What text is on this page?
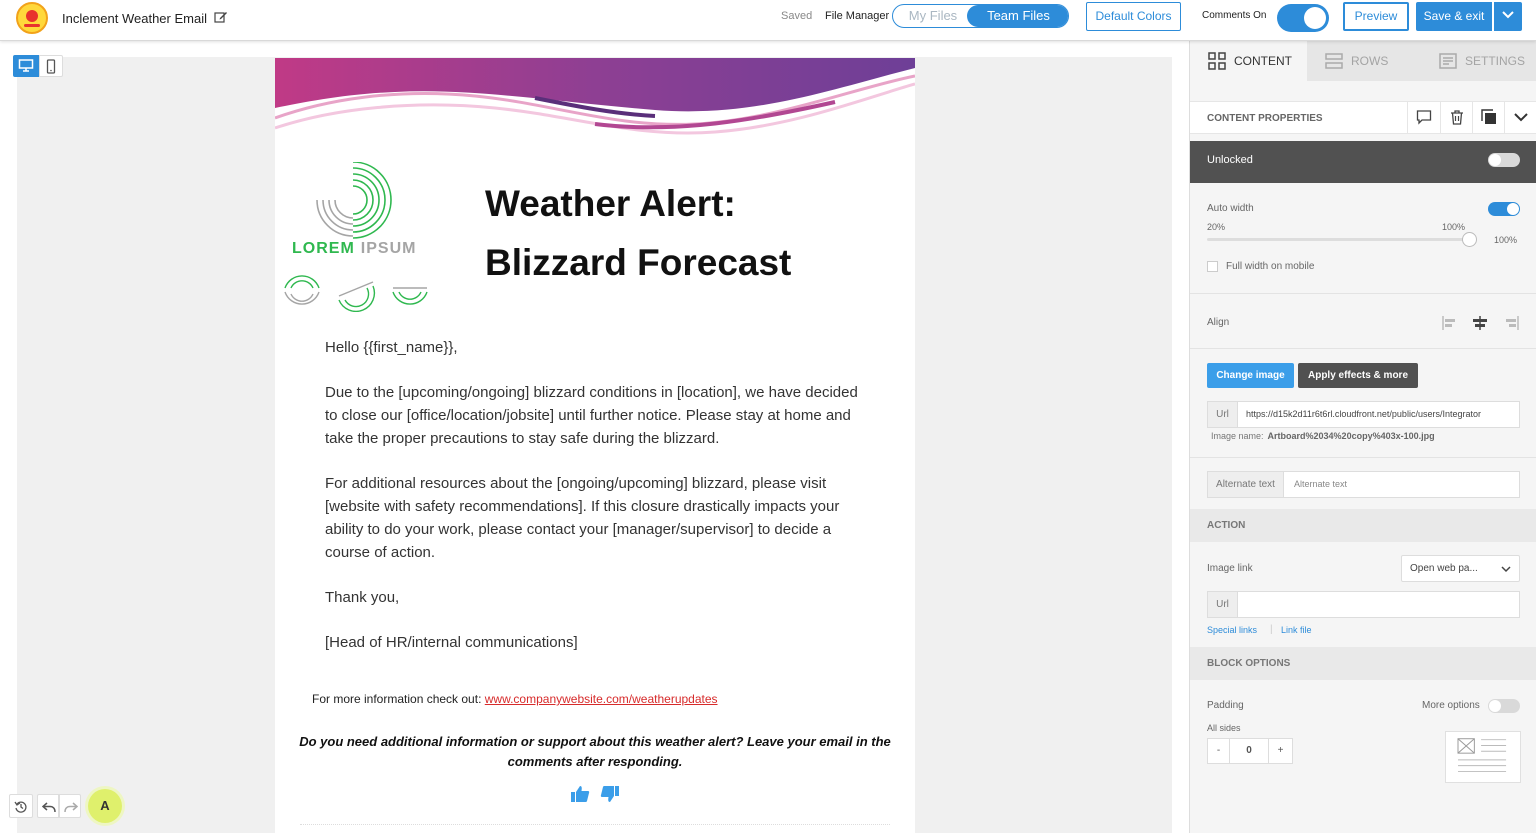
Inclement Weather Email	Saved File Manager	My Files	Team Files	Default Colors	Comments On	Preview	Save & exit
LOREM IPSUM
Weather Alert:
Blizzard Forecast

Hello {{first_name}},

Due to the [upcoming/ongoing] blizzard conditions in [location], we have decided to close our [office/location/jobsite] until further notice. Please stay at home and take the proper precautions to stay safe during the blizzard.

For additional resources about the [ongoing/upcoming] blizzard, please visit [website with safety recommendations]. If this closure drastically impacts your ability to do your work, please contact your [manager/supervisor] to decide a course of action.

Thank you,

[Head of HR/internal communications]

For more information check out: www.companywebsite.com/weatherupdates
Do you need additional information or support about this weather alert? Leave your email in the comments after responding.
A
CONTENT	ROWS	SETTINGS
CONTENT PROPERTIES
Unlocked
Auto width
20%	100%
100%
Full width on mobile
Align
Change image	Apply effects & more
Url	https://d15k2d11r6t6rl.cloudfront.net/public/users/Integrator
Image name: Artboard%2034%20copy%403x-100.jpg
Alternate text	Alternate text
ACTION
Image link	Open web pa...
Url
Special links | Link file
BLOCK OPTIONS
Padding	More options
All sides
-	0	+
